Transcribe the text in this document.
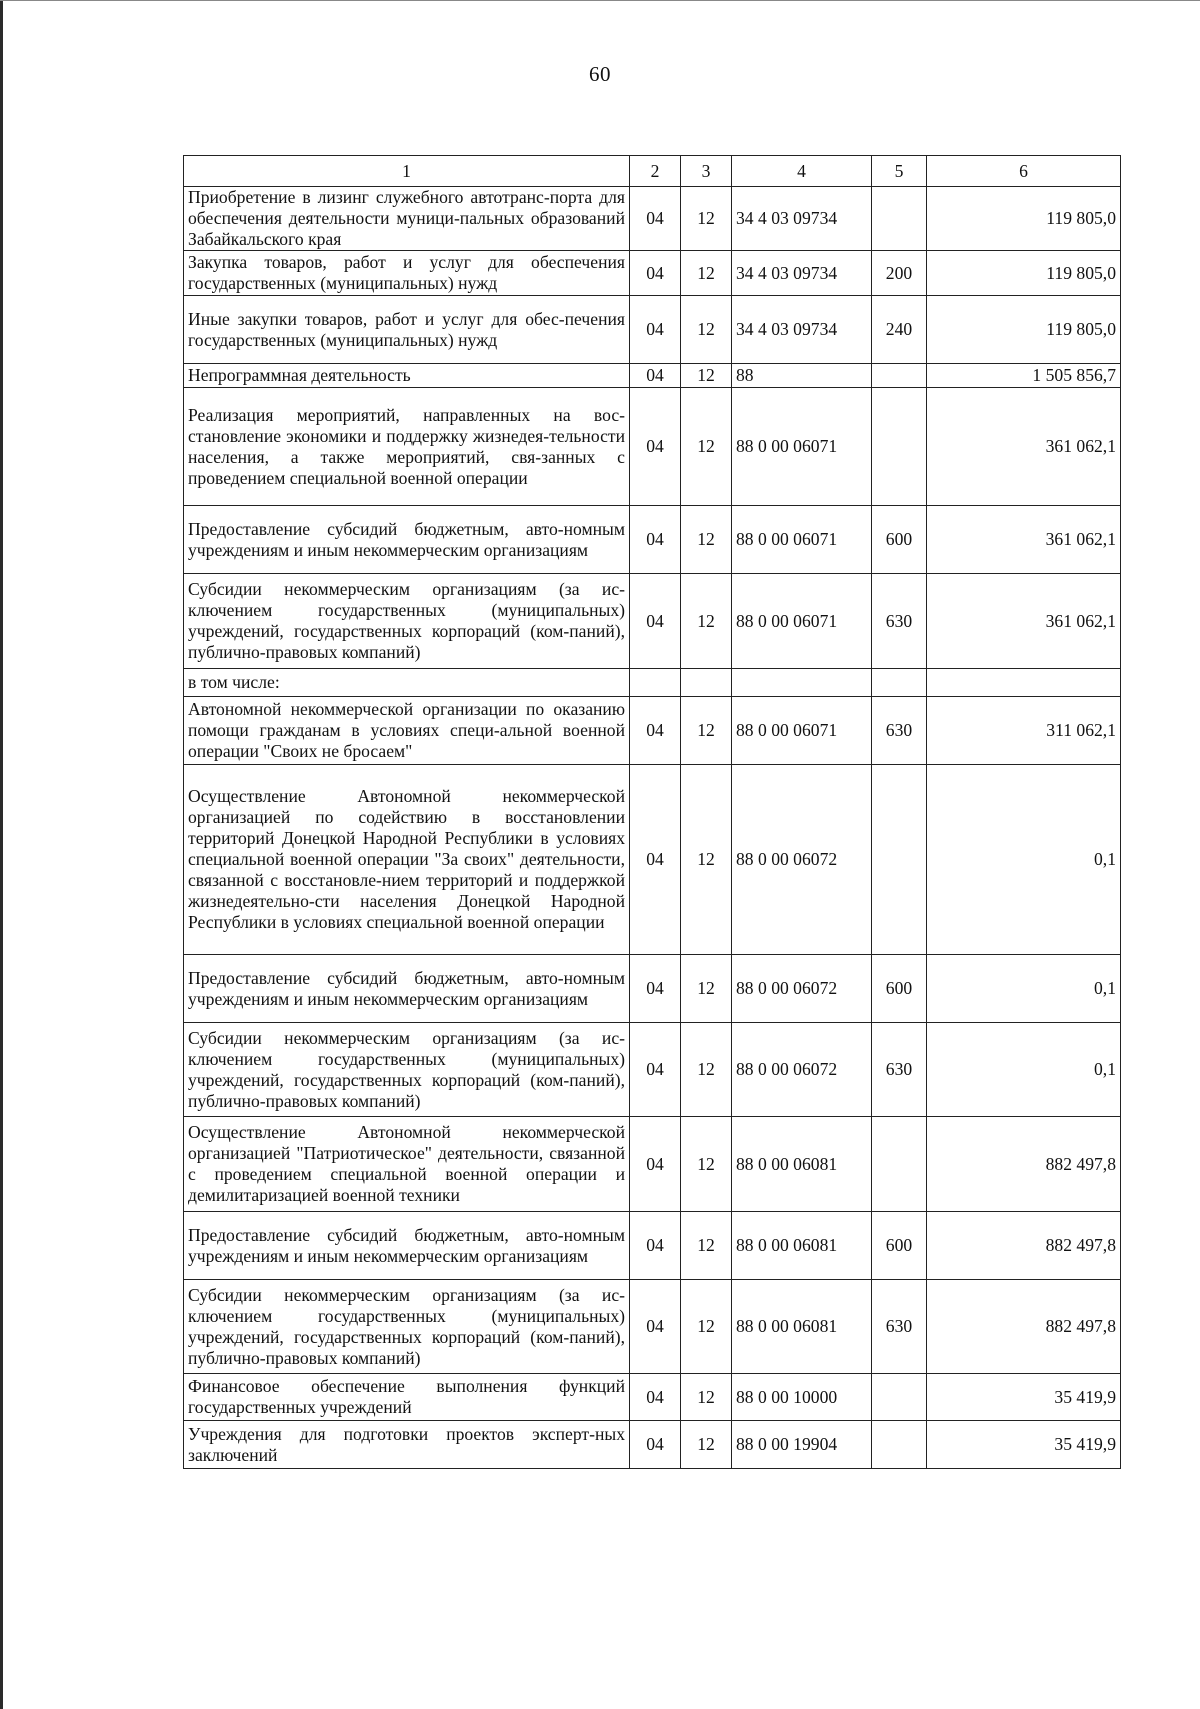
60
1	2	3	4	5	6
Приобретение в лизинг служебного автотранс-порта для обеспечения деятельности муници-пальных образований Забайкальского края	04	12	34 4 03 09734		119 805,0
Закупка товаров, работ и услуг для обеспечения государственных (муниципальных) нужд	04	12	34 4 03 09734	200	119 805,0
Иные закупки товаров, работ и услуг для обес-печения государственных (муниципальных) нужд	04	12	34 4 03 09734	240	119 805,0
Непрограммная деятельность	04	12	88		1 505 856,7
Реализация мероприятий, направленных на вос-становление экономики и поддержку жизнедея-тельности населения, а также мероприятий, свя-занных с проведением специальной военной операции	04	12	88 0 00 06071		361 062,1
Предоставление субсидий бюджетным, авто-номным учреждениям и иным некоммерческим организациям	04	12	88 0 00 06071	600	361 062,1
Субсидии некоммерческим организациям (за ис-ключением государственных (муниципальных) учреждений, государственных корпораций (ком-паний), публично-правовых компаний)	04	12	88 0 00 06071	630	361 062,1
в том числе:					
Автономной некоммерческой организации по оказанию помощи гражданам в условиях специ-альной военной операции "Своих не бросаем"	04	12	88 0 00 06071	630	311 062,1
Осуществление Автономной некоммерческой организацией по содействию в восстановлении территорий Донецкой Народной Республики в условиях специальной военной операции "За своих" деятельности, связанной с восстановле-нием территорий и поддержкой жизнедеятельно-сти населения Донецкой Народной Республики в условиях специальной военной операции	04	12	88 0 00 06072		0,1
Предоставление субсидий бюджетным, авто-номным учреждениям и иным некоммерческим организациям	04	12	88 0 00 06072	600	0,1
Субсидии некоммерческим организациям (за ис-ключением государственных (муниципальных) учреждений, государственных корпораций (ком-паний), публично-правовых компаний)	04	12	88 0 00 06072	630	0,1
Осуществление Автономной некоммерческой организацией "Патриотическое" деятельности, связанной с проведением специальной военной операции и демилитаризацией военной техники	04	12	88 0 00 06081		882 497,8
Предоставление субсидий бюджетным, авто-номным учреждениям и иным некоммерческим организациям	04	12	88 0 00 06081	600	882 497,8
Субсидии некоммерческим организациям (за ис-ключением государственных (муниципальных) учреждений, государственных корпораций (ком-паний), публично-правовых компаний)	04	12	88 0 00 06081	630	882 497,8
Финансовое обеспечение выполнения функций государственных учреждений	04	12	88 0 00 10000		35 419,9
Учреждения для подготовки проектов эксперт-ных заключений	04	12	88 0 00 19904		35 419,9
